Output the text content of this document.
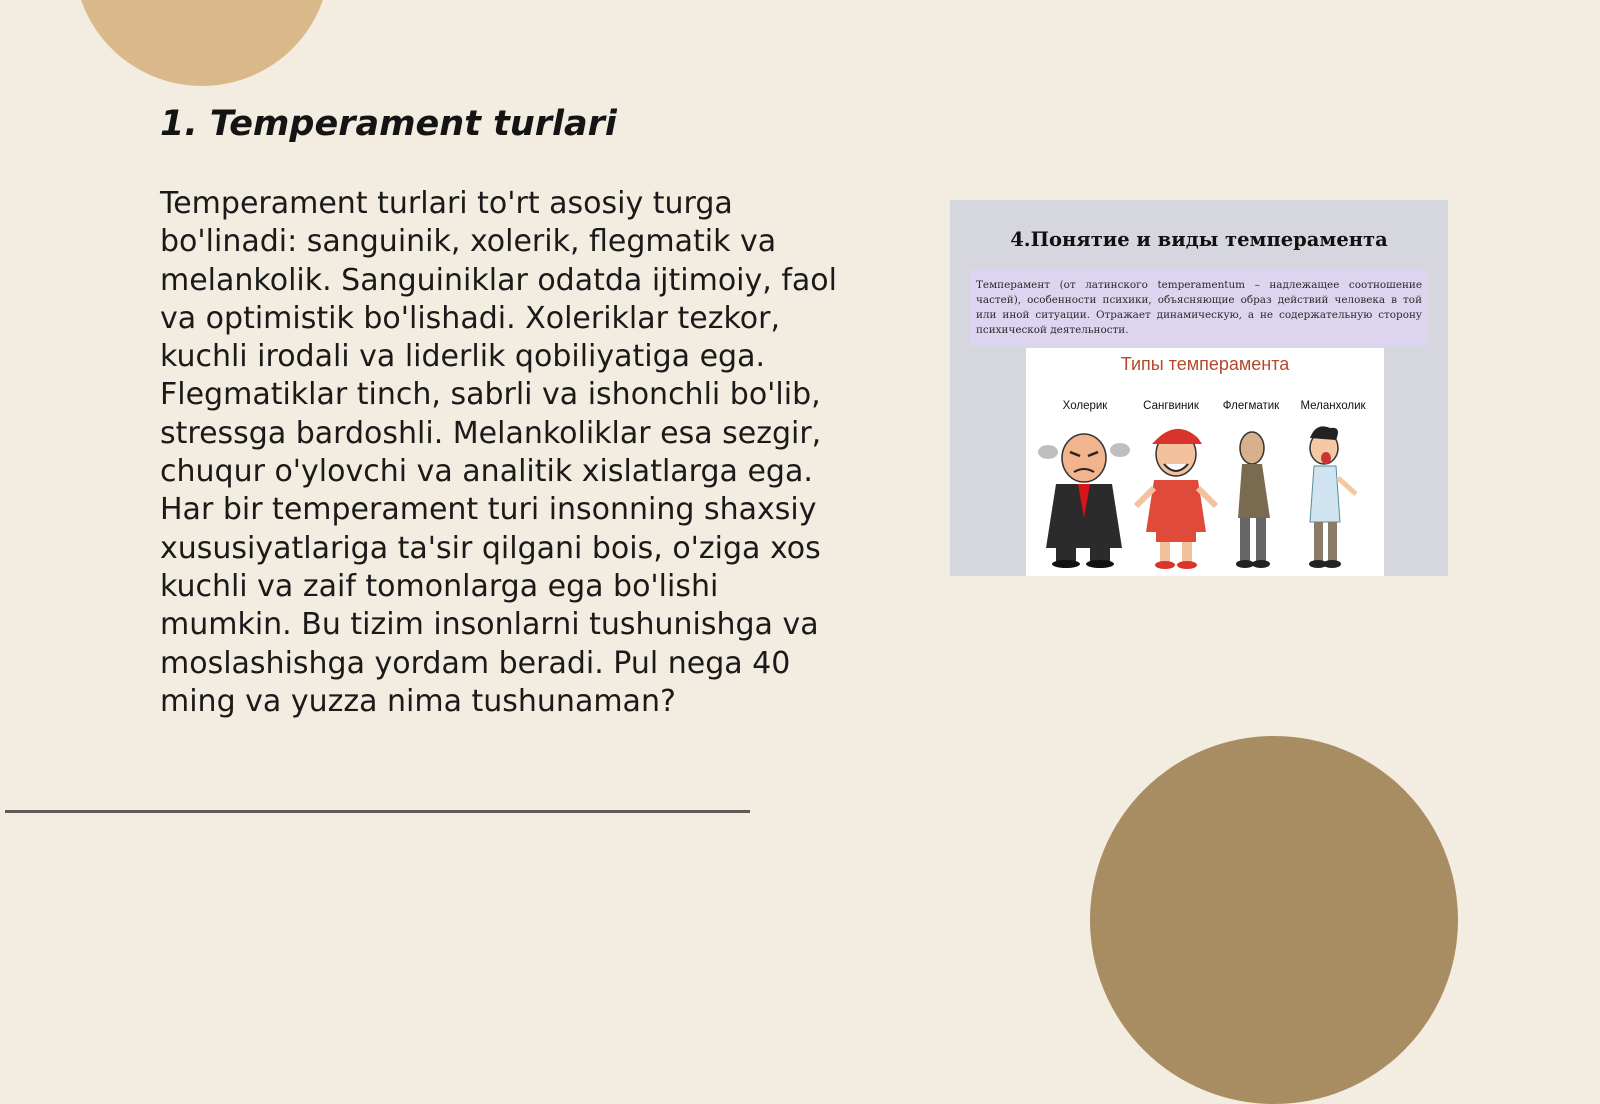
1. Temperament turlari

Temperament turlari to'rt asosiy turga bo'linadi: sanguinik, xolerik, flegmatik va melankolik. Sanguiniklar odatda ijtimoiy, faol va optimistik bo'lishadi. Xoleriklar tezkor, kuchli irodali va liderlik qobiliyatiga ega. Flegmatiklar tinch, sabrli va ishonchli bo'lib, stressga bardoshli. Melankoliklar esa sezgir, chuqur o'ylovchi va analitik xislatlarga ega. Har bir temperament turi insonning shaxsiy xususiyatlariga ta'sir qilgani bois, o'ziga xos kuchli va zaif tomonlarga ega bo'lishi mumkin. Bu tizim insonlarni tushunishga va moslashishga yordam beradi. Pul nega 40 ming va yuzza nima tushunaman?

4.Понятие и виды темперамента
Темперамент (от латинского temperamentum – надлежащее соотношение частей), особенности психики, объясняющие образ действий человека в той или иной ситуации. Отражает динамическую, а не содержательную сторону психической деятельности.
Типы темперамента
Холерик	Сангвиник	Флегматик	Меланхолик
